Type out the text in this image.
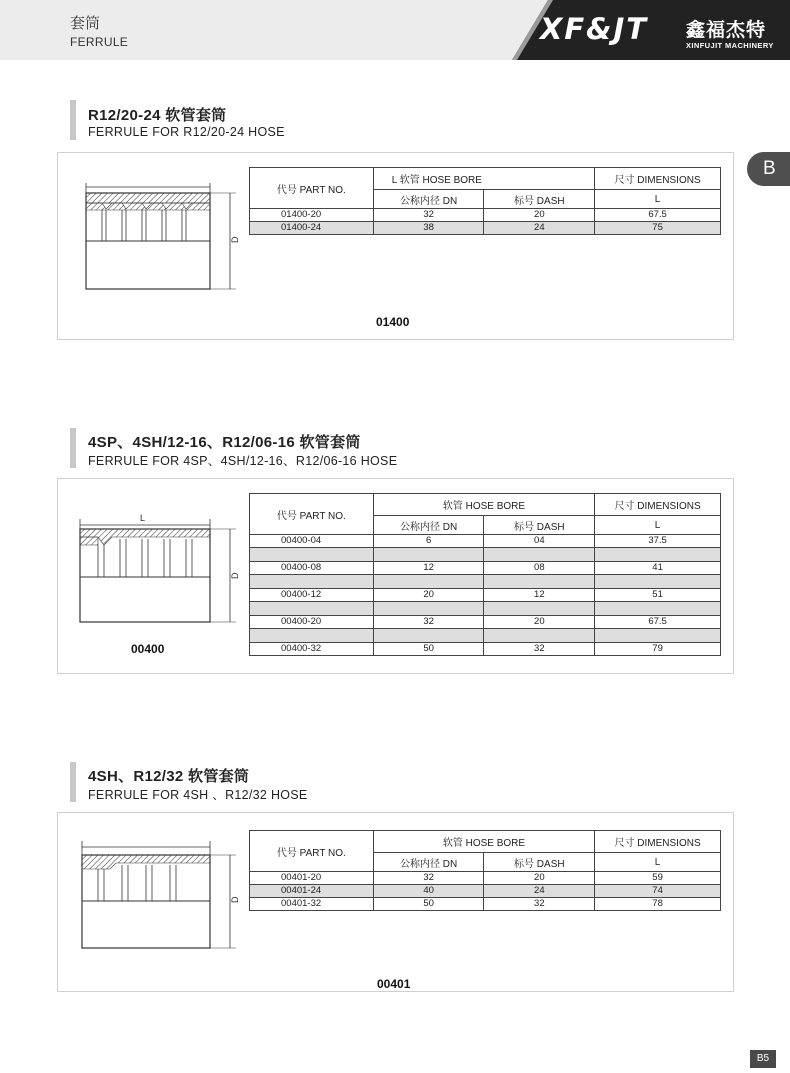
套筒
FERRULE	XF&JT 鑫福杰特
XINFUJIT MACHINERY
B
R12/20-24 软管套筒
FERRULE FOR R12/20-24 HOSE
D
代号 PART NO.	L 软管 HOSE BORE		尺寸 DIMENSIONS
	公称内径 DN	标号 DASH	L
01400-20	32	20	67.5
01400-24	38	24	75
01400
4SP、4SH/12-16、R12/06-16 软管套筒
FERRULE FOR 4SP、4SH/12-16、R12/06-16 HOSE
L
D
代号 PART NO.	软管 HOSE BORE		尺寸 DIMENSIONS
	公称内径 DN	标号 DASH	L
00400-04	6	04	37.5

00400-08	12	08	41

00400-12	20	12	51

00400-20	32	20	67.5

00400-32	50	32	79
00400
4SH、R12/32 软管套筒
FERRULE FOR 4SH 、R12/32 HOSE
D
代号 PART NO.	软管 HOSE BORE		尺寸 DIMENSIONS
	公称内径 DN	标号 DASH	L
00401-20	32	20	59
00401-24	40	24	74
00401-32	50	32	78
00401
B5
